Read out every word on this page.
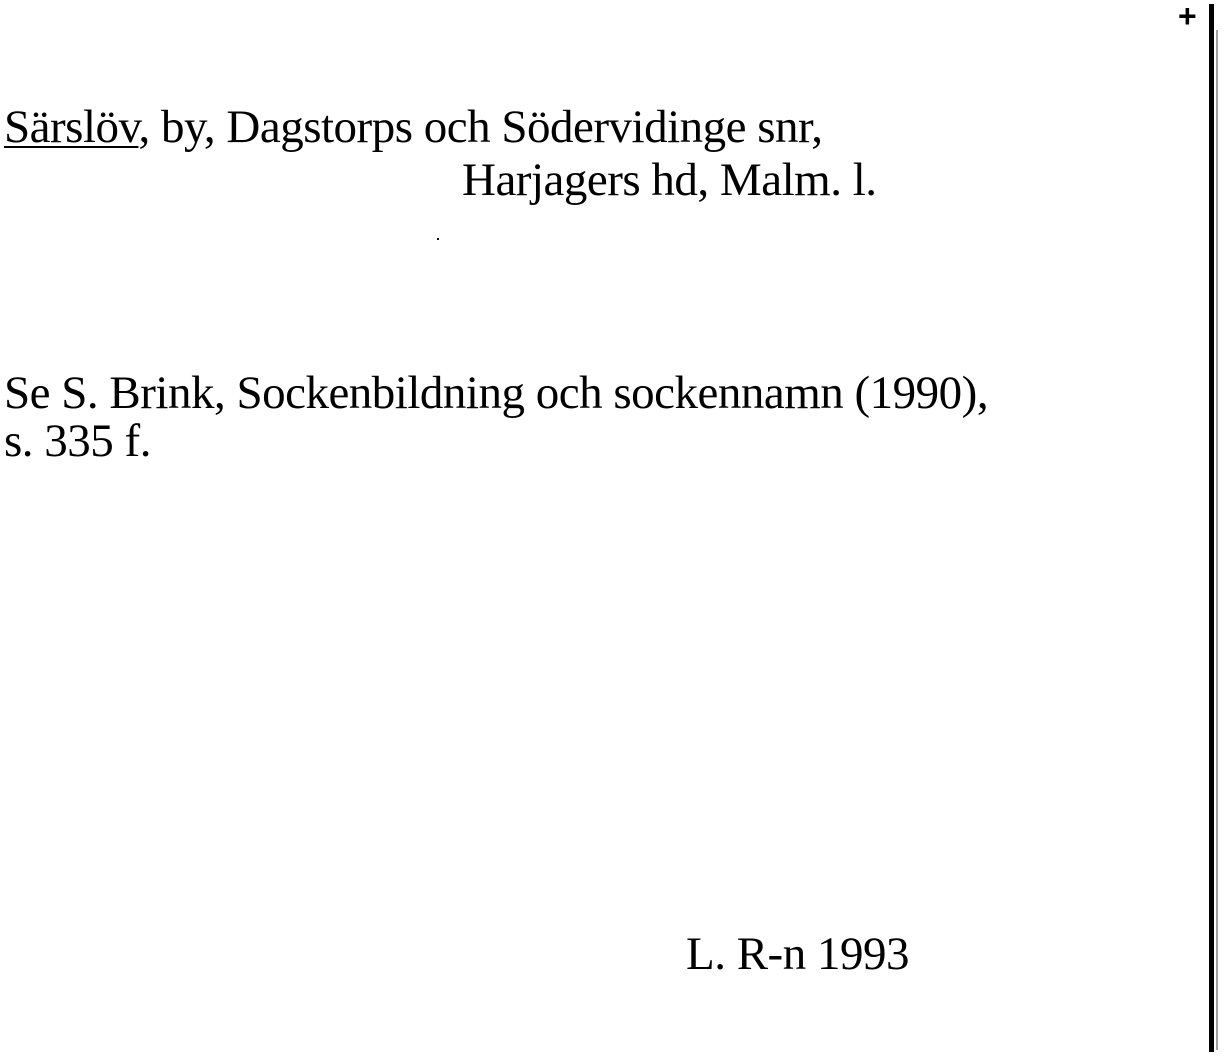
+
Särslöv, by, Dagstorps och Södervidinge snr,
Harjagers hd, Malm. l.
Se S. Brink, Sockenbildning och sockennamn (1990),
s. 335 f.
L. R-n 1993
